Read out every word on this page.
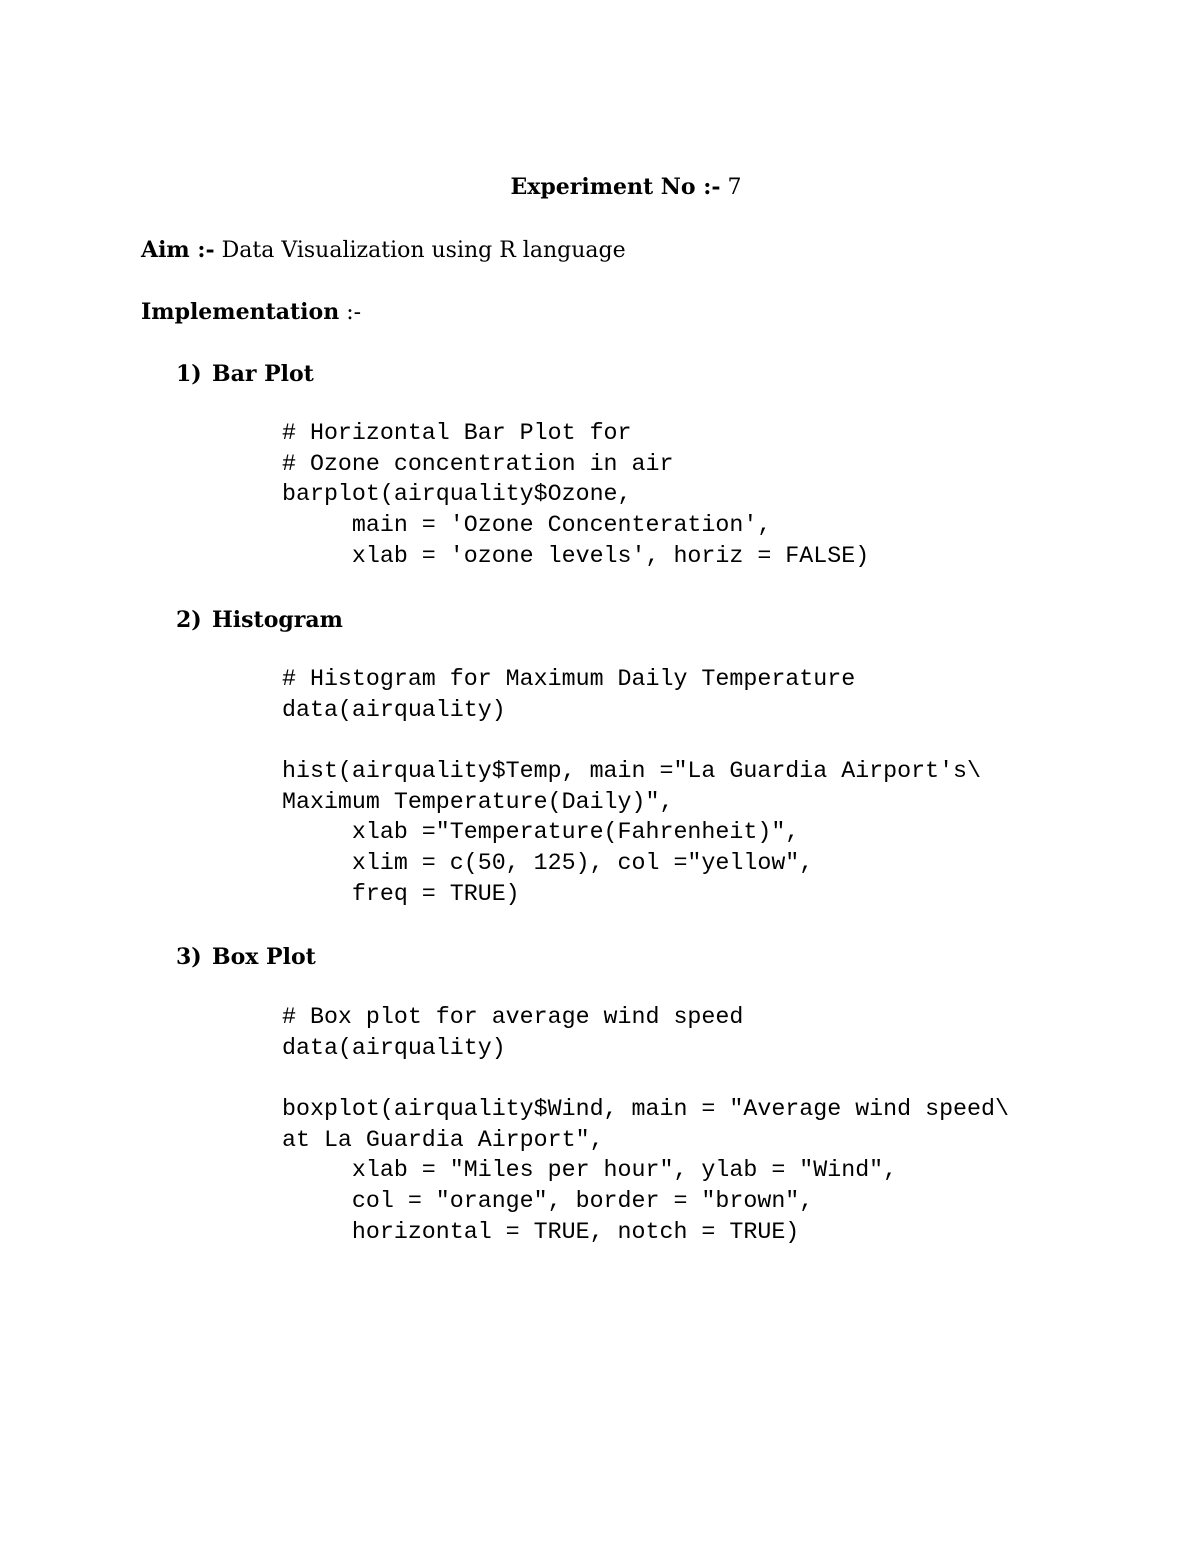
Experiment No :- 7
Aim :- Data Visualization using R language
Implementation :-
1) Bar Plot
# Horizontal Bar Plot for
# Ozone concentration in air
barplot(airquality$Ozone,
main = 'Ozone Concenteration',
xlab = 'ozone levels', horiz = FALSE)
2) Histogram
# Histogram for Maximum Daily Temperature
data(airquality)
hist(airquality$Temp, main ="La Guardia Airport's\
Maximum Temperature(Daily)",
xlab ="Temperature(Fahrenheit)",
xlim = c(50, 125), col ="yellow",
freq = TRUE)
3) Box Plot
# Box plot for average wind speed
data(airquality)
boxplot(airquality$Wind, main = "Average wind speed\
at La Guardia Airport",
xlab = "Miles per hour", ylab = "Wind",
col = "orange", border = "brown",
horizontal = TRUE, notch = TRUE)
